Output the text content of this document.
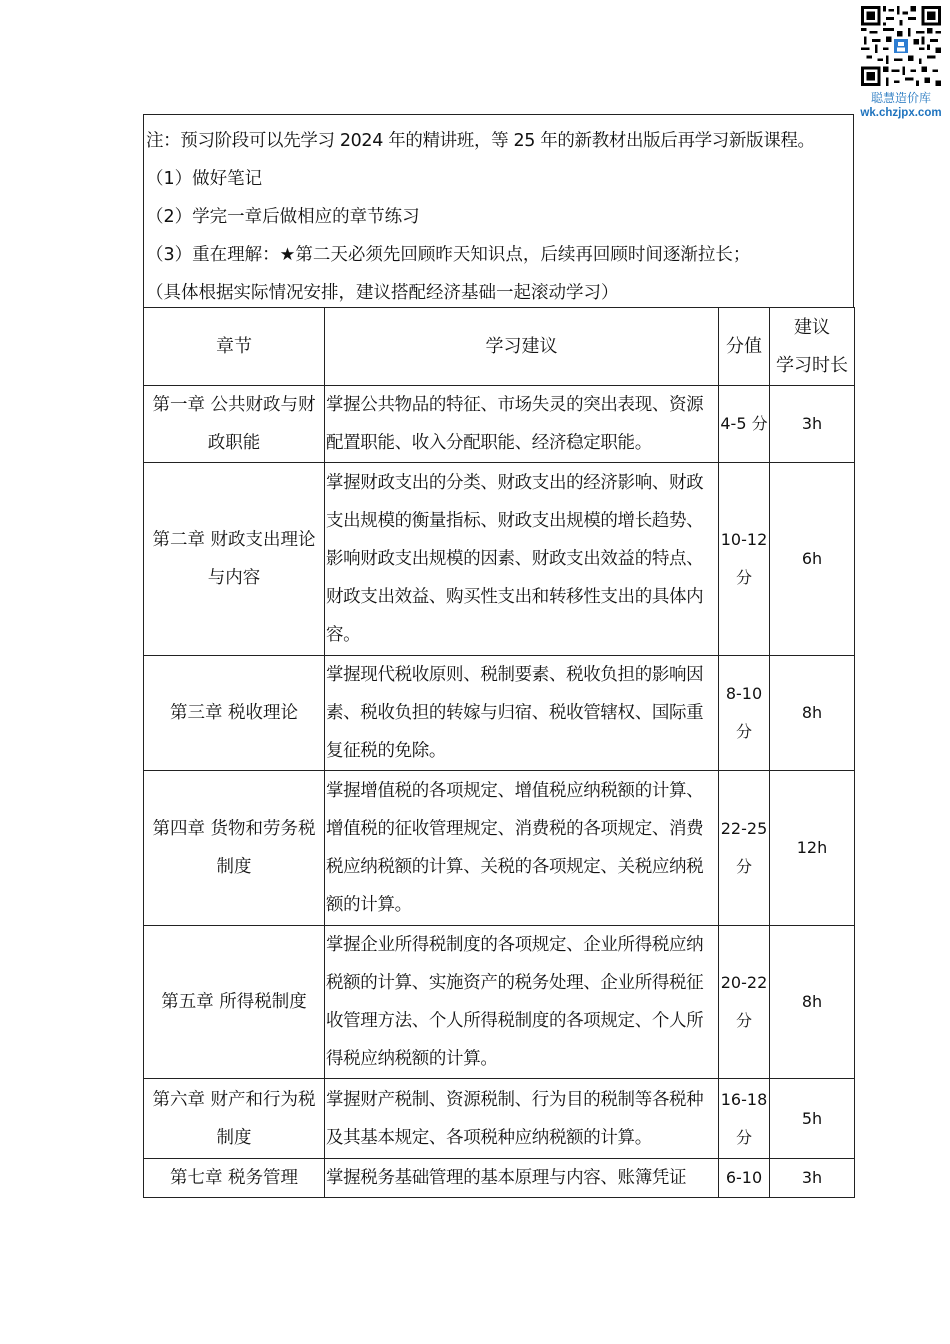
聪慧造价库
wk.chzjpx.com
注：预习阶段可以先学习 2024 年的精讲班，等 25 年的新教材出版后再学习新版课程。
（1）做好笔记
（2）学完一章后做相应的章节练习
（3）重在理解：★第二天必须先回顾昨天知识点，后续再回顾时间逐渐拉长；
（具体根据实际情况安排，建议搭配经济基础一起滚动学习）
章节	学习建议	分值	建议
学习时长

第一章 公共财政与财政职能	掌握公共物品的特征、市场失灵的突出表现、资源配置职能、收入分配职能、经济稳定职能。	4-5 分	3h
第二章 财政支出理论与内容	掌握财政支出的分类、财政支出的经济影响、财政支出规模的衡量指标、财政支出规模的增长趋势、影响财政支出规模的因素、财政支出效益的特点、财政支出效益、购买性支出和转移性支出的具体内容。	10-12 分	6h
第三章 税收理论	掌握现代税收原则、税制要素、税收负担的影响因素、税收负担的转嫁与归宿、税收管辖权、国际重复征税的免除。	8-10 分	8h
第四章 货物和劳务税制度	掌握增值税的各项规定、增值税应纳税额的计算、增值税的征收管理规定、消费税的各项规定、消费税应纳税额的计算、关税的各项规定、关税应纳税额的计算。	22-25 分	12h
第五章 所得税制度	掌握企业所得税制度的各项规定、企业所得税应纳税额的计算、实施资产的税务处理、企业所得税征收管理方法、个人所得税制度的各项规定、个人所得税应纳税额的计算。	20-22 分	8h
第六章 财产和行为税制度	掌握财产税制、资源税制、行为目的税制等各税种及其基本规定、各项税种应纳税额的计算。	16-18 分	5h
第七章 税务管理	掌握税务基础管理的基本原理与内容、账簿凭证	6-10	3h
